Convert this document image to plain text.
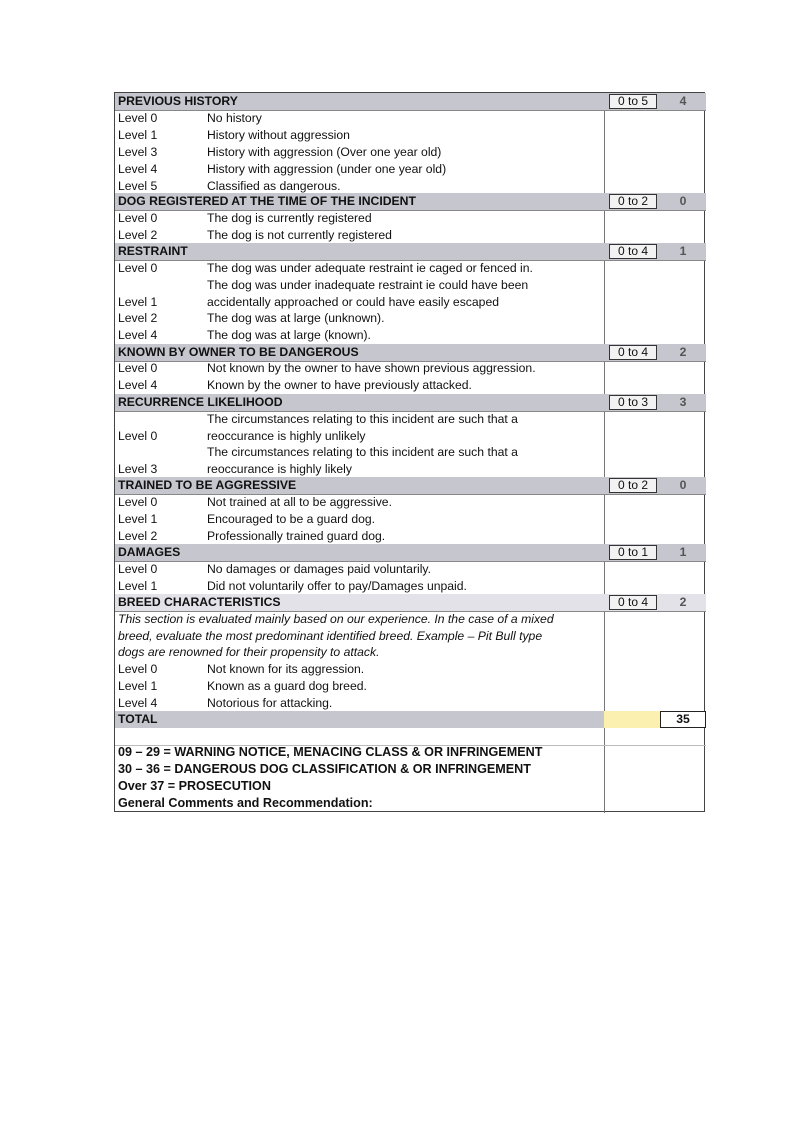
PREVIOUS HISTORY	0 to 5	4
Level 0	No history
Level 1	History without aggression
Level 3	History with aggression (Over one year old)
Level 4	History with aggression (under one year old)
Level 5	Classified as dangerous.
DOG REGISTERED AT THE TIME OF THE INCIDENT	0 to 2	0
Level 0	The dog is currently registered
Level 2	The dog is not currently registered
RESTRAINT	0 to 4	1
Level 0	The dog was under adequate restraint ie caged or fenced in.
The dog was under inadequate restraint ie could have been
Level 1	accidentally approached or could have easily escaped
Level 2	The dog was at large (unknown).
Level 4	The dog was at large (known).
KNOWN BY OWNER TO BE DANGEROUS	0 to 4	2
Level 0	Not known by the owner to have shown previous aggression.
Level 4	Known by the owner to have previously attacked.
RECURRENCE LIKELIHOOD	0 to 3	3
The circumstances relating to this incident are such that a
Level 0	reoccurance is highly unlikely
The circumstances relating to this incident are such that a
Level 3	reoccurance is highly likely
TRAINED TO BE AGGRESSIVE	0 to 2	0
Level 0	Not trained at all to be aggressive.
Level 1	Encouraged to be a guard dog.
Level 2	Professionally trained guard dog.
DAMAGES	0 to 1	1
Level 0	No damages or damages paid voluntarily.
Level 1	Did not voluntarily offer to pay/Damages unpaid.
BREED CHARACTERISTICS	0 to 4	2
This section is evaluated mainly based on our experience. In the case of a mixed
breed, evaluate the most predominant identified breed. Example – Pit Bull type
dogs are renowned for their propensity to attack.
Level 0	Not known for its aggression.
Level 1	Known as a guard dog breed.
Level 4	Notorious for attacking.
TOTAL	35
09 – 29 = WARNING NOTICE, MENACING CLASS & OR INFRINGEMENT
30 – 36 = DANGEROUS DOG CLASSIFICATION & OR INFRINGEMENT
Over 37 = PROSECUTION
General Comments and Recommendation:
